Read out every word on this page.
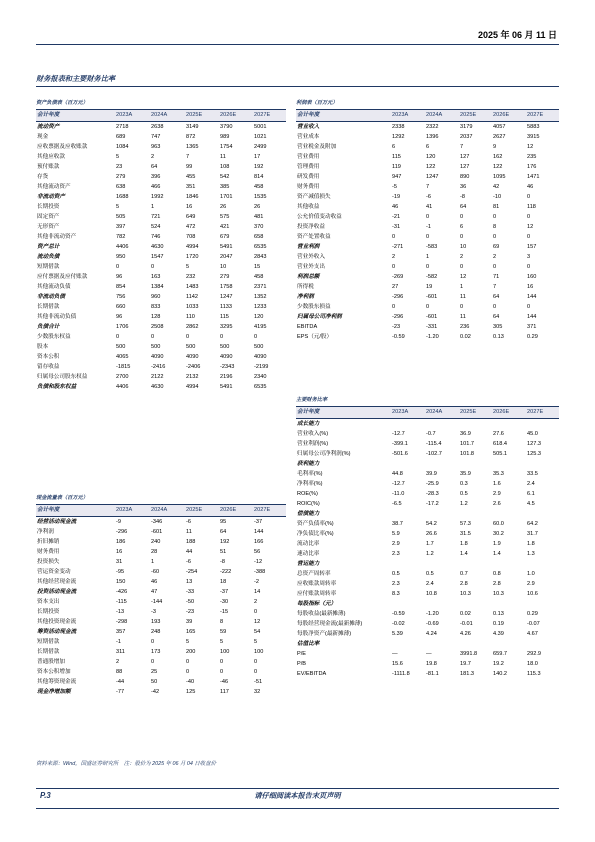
2025 年 06 月 11 日
财务报表和主要财务比率
资产负债表（百万元）
会计年度	2023A	2024A	2025E	2026E	2027E
流动资产	2718	2638	3149	3790	5001
现金	689	747	872	989	1021
应收票据及应收账款	1084	963	1365	1754	2499
其他应收款	5	2	7	11	17
预付账款	23	64	99	108	192
存货	279	396	455	542	814
其他流动资产	638	466	351	385	458
非流动资产	1688	1992	1846	1701	1535
长期投资	5	1	16	26	26
固定资产	505	721	649	575	481
无形资产	397	524	472	421	370
其他非流动资产	782	746	708	679	658
资产总计	4406	4630	4994	5491	6535
流动负债	950	1547	1720	2047	2843
短期借款	0	0	5	10	15
应付票据及应付账款	96	163	232	279	458
其他流动负债	854	1384	1483	1758	2371
非流动负债	756	960	1142	1247	1352
长期借款	660	833	1033	1133	1233
其他非流动负债	96	128	110	115	120
负债合计	1706	2508	2862	3295	4195
少数股东权益	0	0	0	0	0
股本	500	500	500	500	500
资本公积	4065	4090	4090	4090	4090
留存收益	-1815	-2416	-2406	-2343	-2199
归属母公司股东权益	2700	2122	2132	2196	2340
负债和股东权益	4406	4630	4994	5491	6535
利润表（百万元）
会计年度	2023A	2024A	2025E	2026E	2027E
营业收入	2338	2322	3179	4057	5883
营业成本	1292	1396	2037	2627	3915
营业税金及附加	6	6	7	9	12
营业费用	115	120	127	162	235
管理费用	119	122	127	122	176
研发费用	947	1247	890	1095	1471
财务费用	-5	7	36	42	46
资产减值损失	-19	-6	-8	-10	0
其他收益	46	41	64	81	118
公允价值变动收益	-21	0	0	0	0
投资净收益	-31	-1	6	8	12
资产处置收益	0	0	0	0	0
营业利润	-271	-583	10	69	157
营业外收入	2	1	2	2	3
营业外支出	0	0	0	0	0
利润总额	-269	-582	12	71	160
所得税	27	19	1	7	16
净利润	-296	-601	11	64	144
少数股东损益	0	0	0	0	0
归属母公司净利润	-296	-601	11	64	144
EBITDA	-23	-331	236	305	371
EPS（元/股）	-0.59	-1.20	0.02	0.13	0.29
主要财务比率
会计年度	2023A	2024A	2025E	2026E	2027E
成长能力					
营业收入(%)	-12.7	-0.7	36.9	27.6	45.0
营业利润(%)	-399.1	-115.4	101.7	618.4	127.3
归属母公司净利润(%)	-501.6	-102.7	101.8	505.1	125.3
获利能力					
毛利率(%)	44.8	39.9	35.9	35.3	33.5
净利率(%)	-12.7	-25.9	0.3	1.6	2.4
ROE(%)	-11.0	-28.3	0.5	2.9	6.1
ROIC(%)	-6.5	-17.2	1.2	2.6	4.5
偿债能力					
资产负债率(%)	38.7	54.2	57.3	60.0	64.2
净负债比率(%)	5.9	26.6	31.5	30.2	31.7
流动比率	2.9	1.7	1.8	1.9	1.8
速动比率	2.3	1.2	1.4	1.4	1.3
营运能力					
总资产周转率	0.5	0.5	0.7	0.8	1.0
应收账款周转率	2.3	2.4	2.8	2.8	2.9
应付账款周转率	8.3	10.8	10.3	10.3	10.6
每股指标（元）					
每股收益(最新摊薄)	-0.59	-1.20	0.02	0.13	0.29
每股经营现金流(最新摊薄)	-0.02	-0.69	-0.01	0.19	-0.07
每股净资产(最新摊薄)	5.39	4.24	4.26	4.39	4.67
估值比率					
P/E	—	—	3991.8	659.7	292.9
P/B	15.6	19.8	19.7	19.2	18.0
EV/EBITDA	-1111.8	-81.1	181.3	140.2	115.3
现金流量表（百万元）
会计年度	2023A	2024A	2025E	2026E	2027E
经营活动现金流	-9	-346	-6	95	-37
净利润	-296	-601	11	64	144
折旧摊销	186	240	188	192	166
财务费用	16	28	44	51	56
投资损失	31	1	-6	-8	-12
营运资金变动	-95	-60	-254	-222	-388
其他经营现金流	150	46	13	18	-2
投资活动现金流	-426	47	-33	-37	14
资本支出	-115	-144	-50	-30	2
长期投资	-13	-3	-23	-15	0
其他投资现金流	-298	193	39	8	12
筹资活动现金流	357	248	165	59	54
短期借款	-1	0	5	5	5
长期借款	311	173	200	100	100
普通股增加	2	0	0	0	0
资本公积增加	88	25	0	0	0
其他筹资现金流	-44	50	-40	-46	-51
现金净增加额	-77	-42	125	117	32
资料来源：Wind，国盛证券研究所　注：股价为 2025 年 06 月 04 日收盘价
P.3	请仔细阅读本报告末页声明
